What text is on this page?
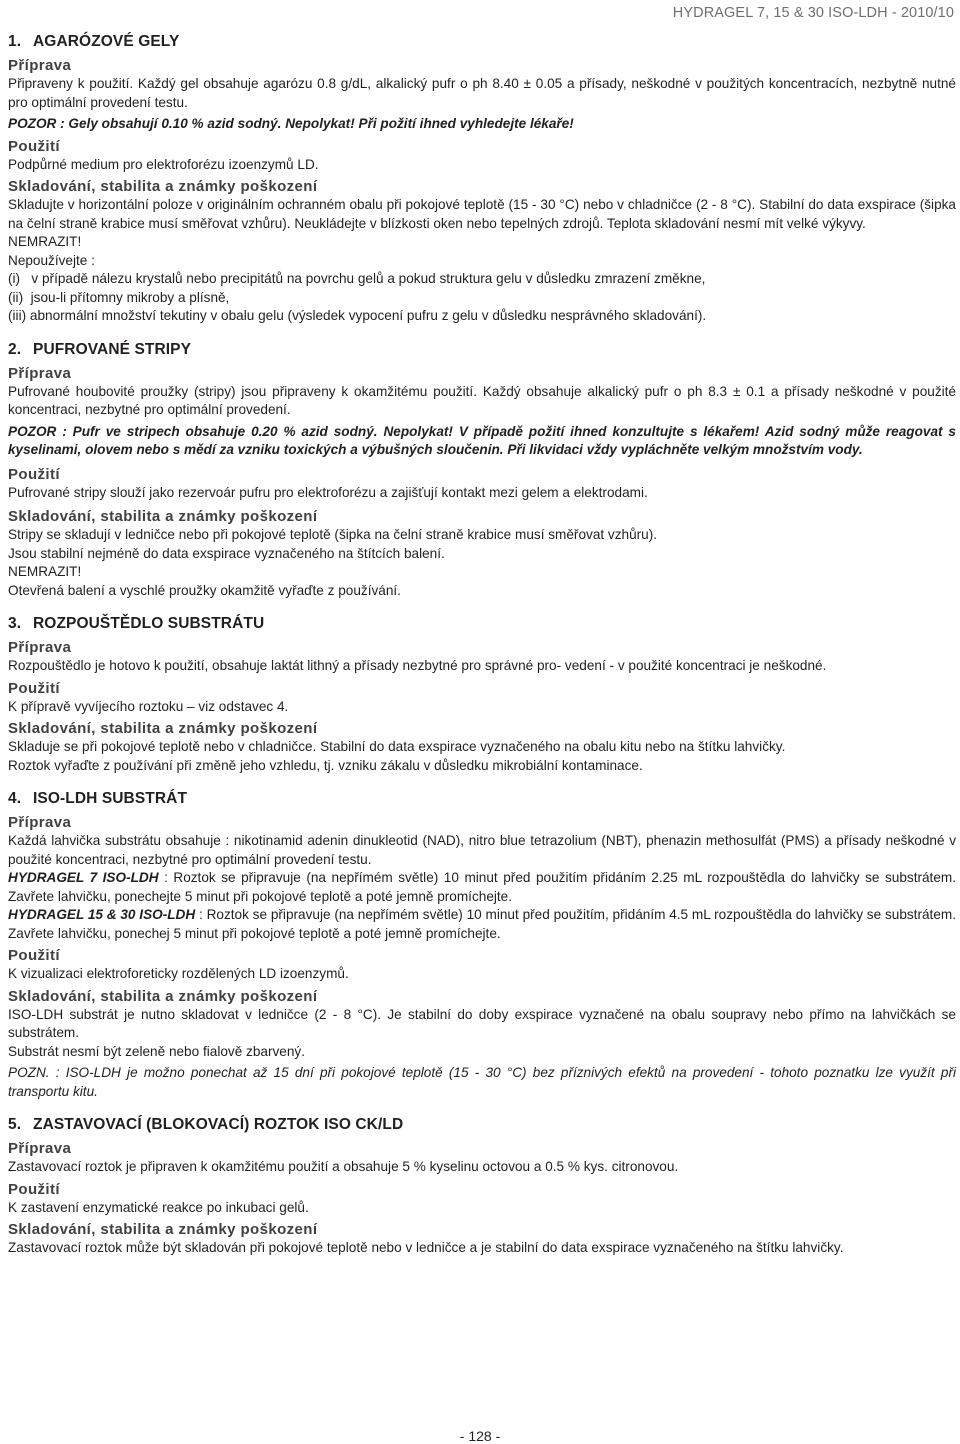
HYDRAGEL 7, 15 & 30 ISO-LDH - 2010/10
1. AGARÓZOVÉ GELY
Příprava

Připraveny k použití. Každý gel obsahuje agarózu 0.8 g/dL, alkalický pufr o ph 8.40 ± 0.05 a přísady, neškodné v použitých koncentracích, nezbytně nutné pro optimální provedení testu.

POZOR : Gely obsahují 0.10 % azid sodný. Nepolykat! Při požití ihned vyhledejte lékaře!

Použití

Podpůrné medium pro elektroforézu izoenzymů LD.

Skladování, stabilita a známky poškození

Skladujte v horizontální poloze v originálním ochranném obalu při pokojové teplotě (15 - 30 °C) nebo v chladničce (2 - 8 °C). Stabilní do data exspirace (šipka na čelní straně krabice musí směřovat vzhůru). Neukládejte v blízkosti oken nebo tepelných zdrojů. Teplota skladování nesmí mít velké výkyvy.

NEMRAZIT!

Nepoužívejte :

(i)   v případě nálezu krystalů nebo precipitátů na povrchu gelů a pokud struktura gelu v důsledku zmrazení změkne,

(ii)  jsou-li přítomny mikroby a plísně,

(iii) abnormální množství tekutiny v obalu gelu (výsledek vypocení pufru z gelu v důsledku nesprávného skladování).

2. PUFROVANÉ STRIPY
Příprava

Pufrované houbovité proužky (stripy) jsou připraveny k okamžitému použití. Každý obsahuje alkalický pufr o ph 8.3 ± 0.1 a přísady neškodné v použité koncentraci, nezbytné pro optimální provedení.

POZOR : Pufr ve stripech obsahuje 0.20 % azid sodný. Nepolykat! V případě požití ihned konzultujte s lékařem! Azid sodný může reagovat s kyselinami, olovem nebo s mědí za vzniku toxických a výbušných sloučenin. Při likvidaci vždy vypláchněte velkým množstvím vody.

Použití

Pufrované stripy slouží jako rezervoár pufru pro elektroforézu a zajišťují kontakt mezi gelem a elektrodami.

Skladování, stabilita a známky poškození

Stripy se skladují v ledničce nebo při pokojové teplotě (šipka na čelní straně krabice musí směřovat vzhůru).

Jsou stabilní nejméně do data exspirace vyznačeného na štítcích balení.

NEMRAZIT!

Otevřená balení a vyschlé proužky okamžitě vyřaďte z používání.

3. ROZPOUŠTĚDLO SUBSTRÁTU
Příprava

Rozpouštědlo je hotovo k použití, obsahuje laktát lithný a přísady nezbytné pro správné pro- vedení - v použité koncentraci je neškodné.

Použití

K přípravě vyvíjecího roztoku – viz odstavec 4.

Skladování, stabilita a známky poškození

Skladuje se při pokojové teplotě nebo v chladničce. Stabilní do data exspirace vyznačeného na obalu kitu nebo na štítku lahvičky.

Roztok vyřaďte z používání při změně jeho vzhledu, tj. vzniku zákalu v důsledku mikrobiální kontaminace.

4. ISO-LDH SUBSTRÁT
Příprava

Každá lahvička substrátu obsahuje : nikotinamid adenin dinukleotid (NAD), nitro blue tetrazolium (NBT), phenazin methosulfát (PMS) a přísady neškodné v použité koncentraci, nezbytné pro optimální provedení testu.

HYDRAGEL 7 ISO-LDH : Roztok se připravuje (na nepřímém světle) 10 minut před použitím přidáním 2.25 mL rozpouštědla do lahvičky se substrátem. Zavřete lahvičku, ponechejte 5 minut při pokojové teplotě a poté jemně promíchejte.

HYDRAGEL 15 & 30 ISO-LDH : Roztok se připravuje (na nepřímém světle) 10 minut před použitím, přidáním 4.5 mL rozpouštědla do lahvičky se substrátem. Zavřete lahvičku, ponechej 5 minut při pokojové teplotě a poté jemně promíchejte.

Použití

K vizualizaci elektroforeticky rozdělených LD izoenzymů.

Skladování, stabilita a známky poškození

ISO-LDH substrát je nutno skladovat v ledničce (2 - 8 °C). Je stabilní do doby exspirace vyznačené na obalu soupravy nebo přímo na lahvičkách se substrátem.

Substrát nesmí být zeleně nebo fialově zbarvený.

POZN. : ISO-LDH je možno ponechat až 15 dní při pokojové teplotě (15 - 30 °C) bez příznivých efektů na provedení - tohoto poznatku lze využít při transportu kitu.

5. ZASTAVOVACÍ (BLOKOVACÍ) ROZTOK ISO CK/LD
Příprava

Zastavovací roztok je připraven k okamžitému použití a obsahuje 5 % kyselinu octovou a 0.5 % kys. citronovou.

Použití

K zastavení enzymatické reakce po inkubaci gelů.

Skladování, stabilita a známky poškození

Zastavovací roztok může být skladován při pokojové teplotě nebo v ledničce a je stabilní do data exspirace vyznačeného na štítku lahvičky.

- 128 -
